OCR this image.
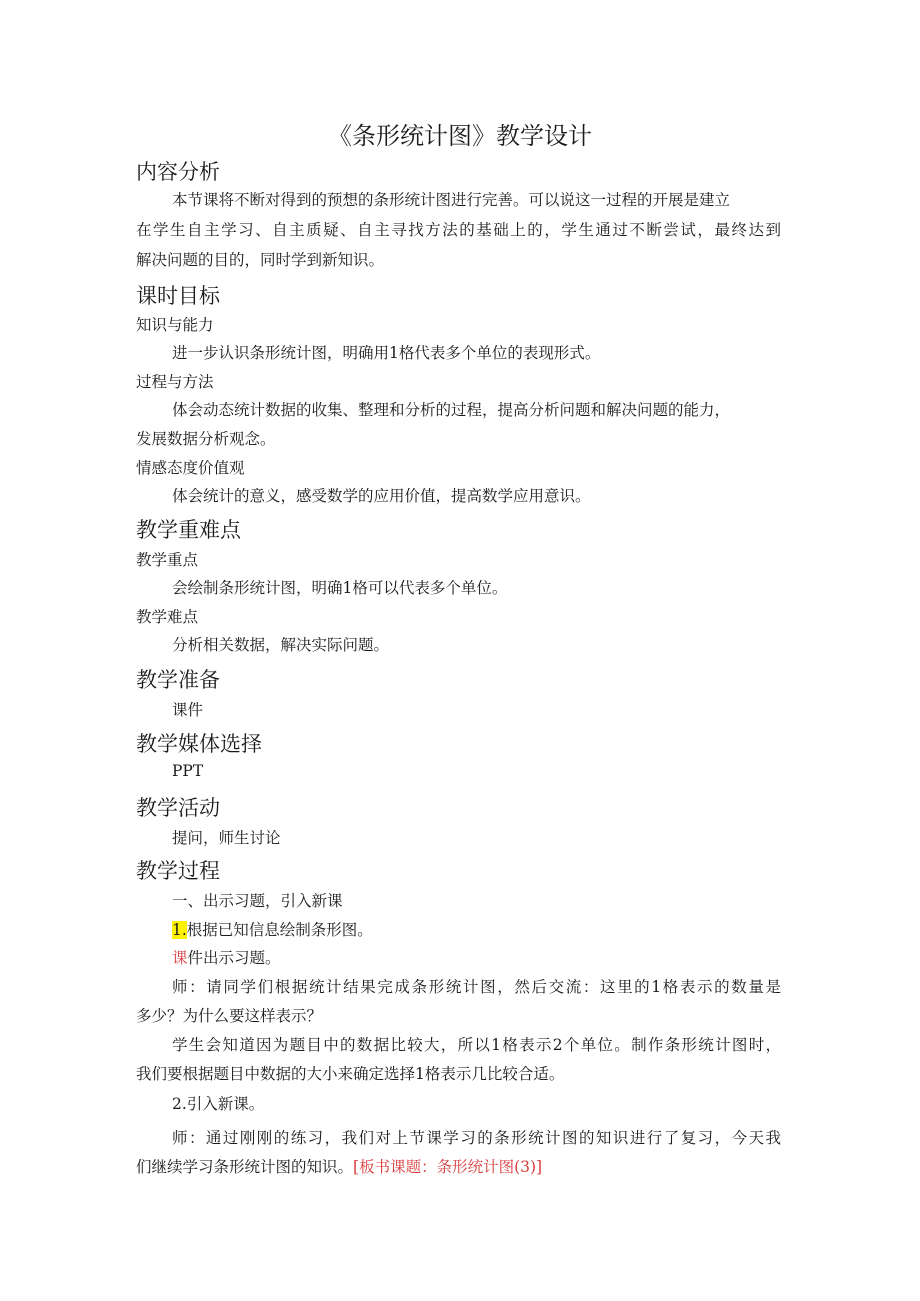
《条形统计图》教学设计
内容分析
本节课将不断对得到的预想的条形统计图进行完善。可以说这一过程的开展是建立
在学生自主学习、自主质疑、自主寻找方法的基础上的，学生通过不断尝试，最终达到
解决问题的目的，同时学到新知识。
课时目标
知识与能力
进一步认识条形统计图，明确用1格代表多个单位的表现形式。
过程与方法
体会动态统计数据的收集、整理和分析的过程，提高分析问题和解决问题的能力，
发展数据分析观念。
情感态度价值观
体会统计的意义，感受数学的应用价值，提高数学应用意识。
教学重难点
教学重点
会绘制条形统计图，明确1格可以代表多个单位。
教学难点
分析相关数据，解决实际问题。
教学准备
课件
教学媒体选择
PPT
教学活动
提问，师生讨论
教学过程
一、出示习题，引入新课
1.根据已知信息绘制条形图。
课件出示习题。
师：请同学们根据统计结果完成条形统计图，然后交流：这里的1格表示的数量是
多少？为什么要这样表示？
学生会知道因为题目中的数据比较大，所以1格表示2个单位。制作条形统计图时，
我们要根据题目中数据的大小来确定选择1格表示几比较合适。
2.引入新课。
师：通过刚刚的练习，我们对上节课学习的条形统计图的知识进行了复习，今天我
们继续学习条形统计图的知识。[板书课题：条形统计图(3)]
